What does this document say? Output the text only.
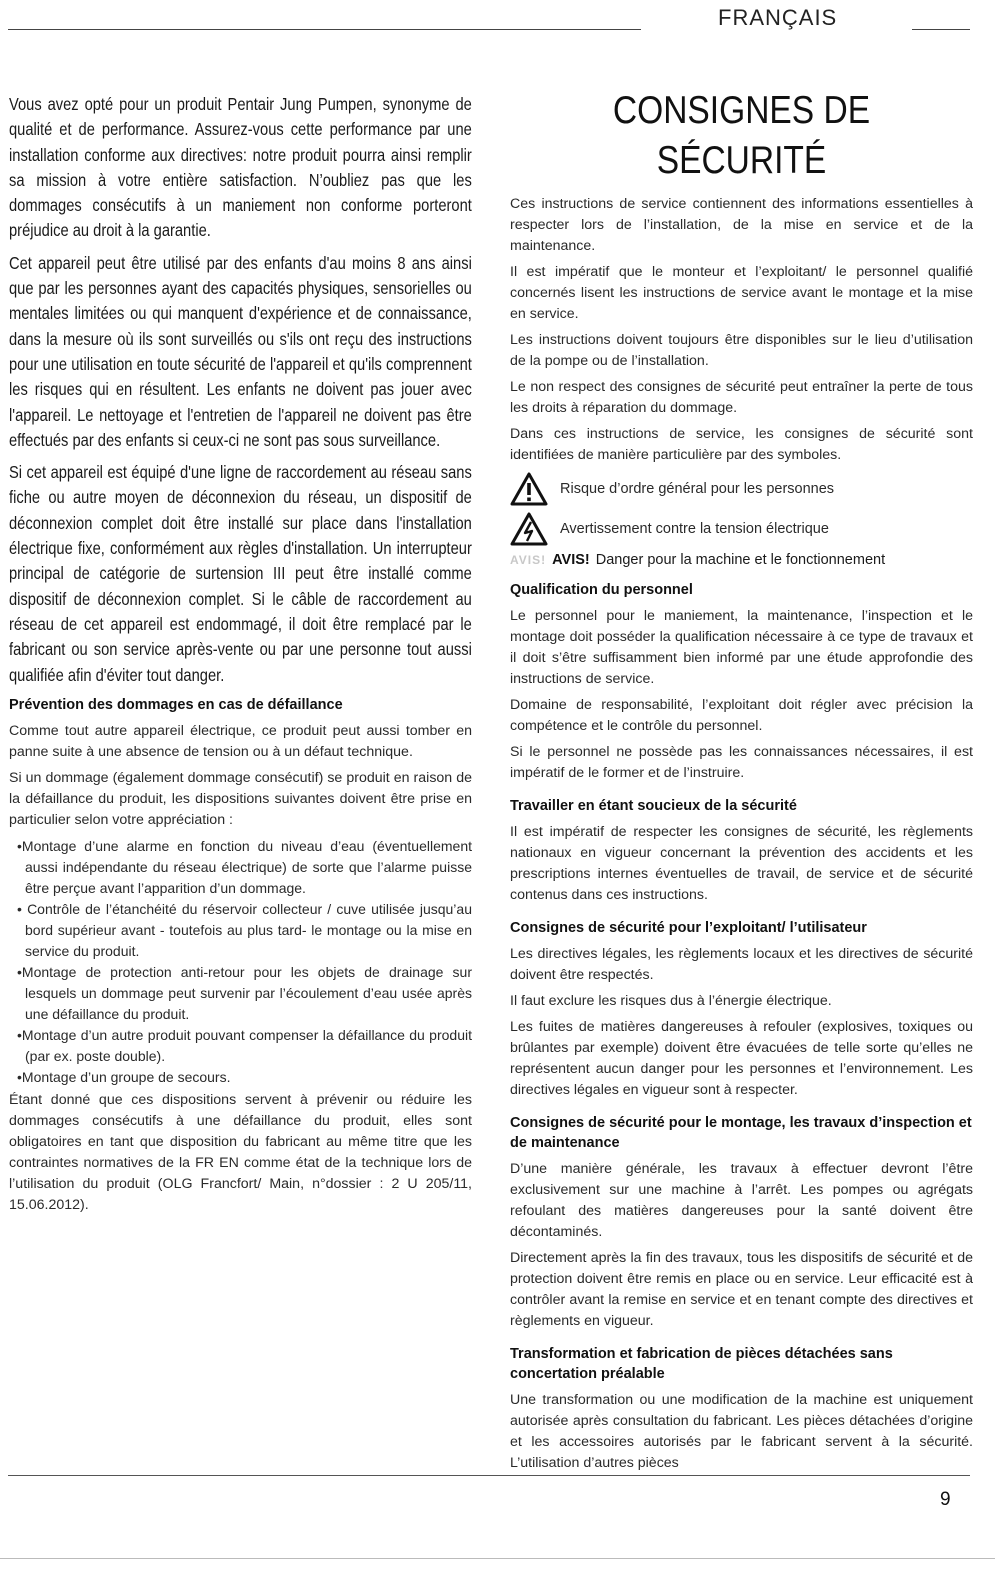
FRANÇAIS

Vous avez opté pour un produit Pentair Jung Pumpen, synonyme de qualité et de performance. Assurez-vous cette performance par une installation conforme aux directives: notre produit pourra ainsi remplir sa mission à votre entière satisfaction. N’oubliez pas que les dommages consécutifs à un maniement non conforme porteront préjudice au droit à la garantie.

Cet appareil peut être utilisé par des enfants d'au moins 8 ans ainsi que par les personnes ayant des capacités physiques, sensorielles ou mentales limitées ou qui manquent d'expérience et de connaissance, dans la mesure où ils sont surveillés ou s'ils ont reçu des instructions pour une utilisation en toute sécurité de l'appareil et qu'ils comprennent les risques qui en résultent. Les enfants ne doivent pas jouer avec l'appareil. Le nettoyage et l'entretien de l'appareil ne doivent pas être effectués par des enfants si ceux-ci ne sont pas sous surveillance.

Si cet appareil est équipé d'une ligne de raccordement au réseau sans fiche ou autre moyen de déconnexion du réseau, un dispositif de déconnexion complet doit être installé sur place dans l'installation électrique fixe, conformément aux règles d'installation. Un interrupteur principal de catégorie de surtension III peut être installé comme dispositif de déconnexion complet. Si le câble de raccordement au réseau de cet appareil est endommagé, il doit être remplacé par le fabricant ou son service après-vente ou par une personne tout aussi qualifiée afin d'éviter tout danger.

Prévention des dommages en cas de défaillance

Comme tout autre appareil électrique, ce produit peut aussi tomber en panne suite à une absence de tension ou à un défaut technique.

Si un dommage (également dommage consécutif) se produit en raison de la défaillance du produit, les dispositions suivantes doivent être prise en particulier selon votre appréciation :

•Montage d’une alarme en fonction du niveau d’eau (éventuellement aussi indépendante du réseau électrique) de sorte que l’alarme puisse être perçue avant l’apparition d’un dommage.
• Contrôle de l’étanchéité du réservoir collecteur / cuve utilisée jusqu’au bord supérieur avant - toutefois au plus tard- le montage ou la mise en service du produit.
•Montage de protection anti-retour pour les objets de drainage sur lesquels un dommage peut survenir par l’écoulement d’eau usée après une défaillance du produit.
•Montage d’un autre produit pouvant compenser la défaillance du produit (par ex. poste double).
•Montage d’un groupe de secours.

Étant donné que ces dispositions servent à prévenir ou réduire les dommages consécutifs à une défaillance du produit, elles sont obligatoires en tant que disposition du fabricant au même titre que les contraintes normatives de la FR EN comme état de la technique lors de l’utilisation du produit (OLG Francfort/ Main, n°dossier : 2 U 205/11, 15.06.2012).

CONSIGNES DE SÉCURITÉ

Ces instructions de service contiennent des informations essentielles à respecter lors de l’installation, de la mise en service et de la maintenance.

Il est impératif que le monteur et l’exploitant/ le personnel qualifié concernés lisent les instructions de service avant le montage et la mise en service.

Les instructions doivent toujours être disponibles sur le lieu d’utilisation de la pompe ou de l’installation.

Le non respect des consignes de sécurité peut entraîner la perte de tous les droits à réparation du dommage.

Dans ces instructions de service, les consignes de sécurité sont identifiées de manière particulière par des symboles.

Risque d’ordre général pour les personnes
Avertissement contre la tension électrique
AVIS! AVIS! Danger pour la machine et le fonctionnement
Qualification du personnel

Le personnel pour le maniement, la maintenance, l’inspection et le montage doit posséder la qualification nécessaire à ce type de travaux et il doit s’être suffisamment bien informé par une étude approfondie des instructions de service.

Domaine de responsabilité, l’exploitant doit régler avec précision la compétence et le contrôle du personnel.

Si le personnel ne possède pas les connaissances nécessaires, il est impératif de le former et de l’instruire.

Travailler en étant soucieux de la sécurité

Il est impératif de respecter les consignes de sécurité, les règlements nationaux en vigueur concernant la prévention des accidents et les prescriptions internes éventuelles de travail, de service et de sécurité contenus dans ces instructions.

Consignes de sécurité pour l’exploitant/ l’utilisateur

Les directives légales, les règlements locaux et les directives de sécurité doivent être respectés.

Il faut exclure les risques dus à l’énergie électrique.

Les fuites de matières dangereuses à refouler (explosives, toxiques ou brûlantes par exemple) doivent être évacuées de telle sorte qu’elles ne représentent aucun danger pour les personnes et l’environnement. Les directives légales en vigueur sont à respecter.

Consignes de sécurité pour le montage, les travaux d’inspection et de maintenance

D’une manière générale, les travaux à effectuer devront l’être exclusivement sur une machine à l’arrêt. Les pompes ou agrégats refoulant des matières dangereuses pour la santé doivent être décontaminés.

Directement après la fin des travaux, tous les dispositifs de sécurité et de protection doivent être remis en place ou en service. Leur efficacité est à contrôler avant la remise en service et en tenant compte des directives et règlements en vigueur.

Transformation et fabrication de pièces détachées sans concertation préalable

Une transformation ou une modification de la machine est uniquement autorisée après consultation du fabricant. Les pièces détachées d’origine et les accessoires autorisés par le fabricant servent à la sécurité. L’utilisation d’autres pièces

9
